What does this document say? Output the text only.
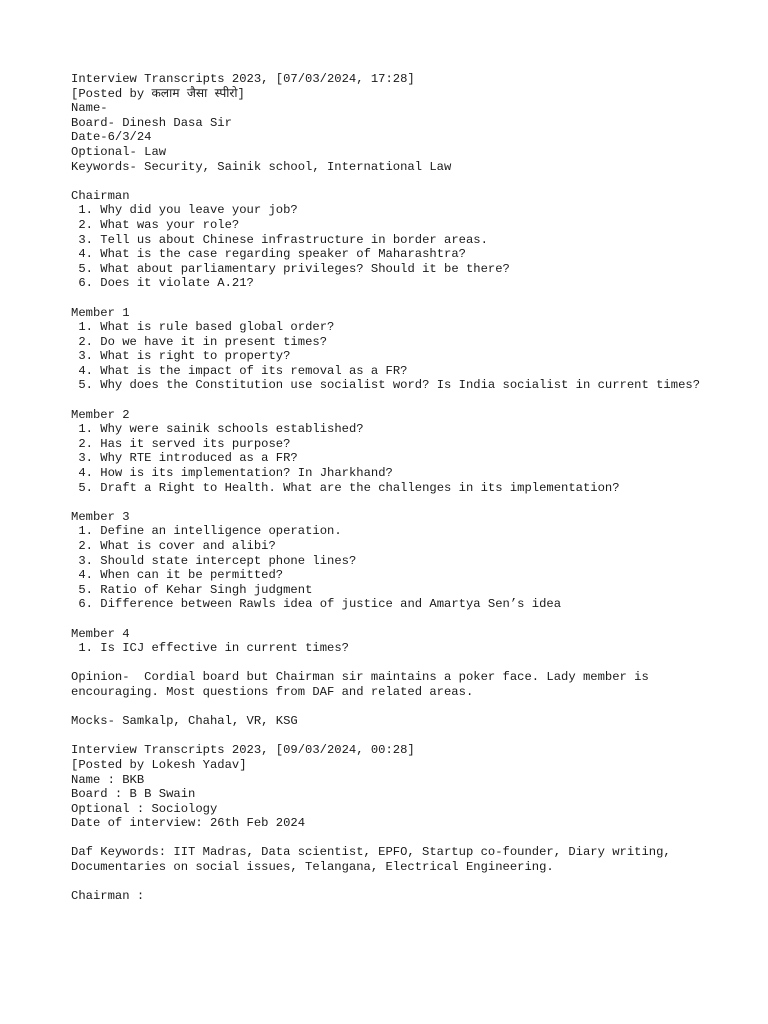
Interview Transcripts 2023, [07/03/2024, 17:28]
[Posted by कलाम जैसा स्पीरो]
Name-
Board- Dinesh Dasa Sir
Date-6/3/24
Optional- Law
Keywords- Security, Sainik school, International Law
Chairman
1. Why did you leave your job?
2. What was your role?
3. Tell us about Chinese infrastructure in border areas.
4. What is the case regarding speaker of Maharashtra?
5. What about parliamentary privileges? Should it be there?
6. Does it violate A.21?
Member 1
1. What is rule based global order?
2. Do we have it in present times?
3. What is right to property?
4. What is the impact of its removal as a FR?
5. Why does the Constitution use socialist word? Is India socialist in current times?
Member 2
1. Why were sainik schools established?
2. Has it served its purpose?
3. Why RTE introduced as a FR?
4. How is its implementation? In Jharkhand?
5. Draft a Right to Health. What are the challenges in its implementation?
Member 3
1. Define an intelligence operation.
2. What is cover and alibi?
3. Should state intercept phone lines?
4. When can it be permitted?
5. Ratio of Kehar Singh judgment
6. Difference between Rawls idea of justice and Amartya Sen’s idea
Member 4
1. Is ICJ effective in current times?
Opinion-  Cordial board but Chairman sir maintains a poker face. Lady member is
encouraging. Most questions from DAF and related areas.
Mocks- Samkalp, Chahal, VR, KSG
Interview Transcripts 2023, [09/03/2024, 00:28]
[Posted by Lokesh Yadav]
Name : BKB
Board : B B Swain
Optional : Sociology
Date of interview: 26th Feb 2024
Daf Keywords: IIT Madras, Data scientist, EPFO, Startup co-founder, Diary writing,
Documentaries on social issues, Telangana, Electrical Engineering.
Chairman :
